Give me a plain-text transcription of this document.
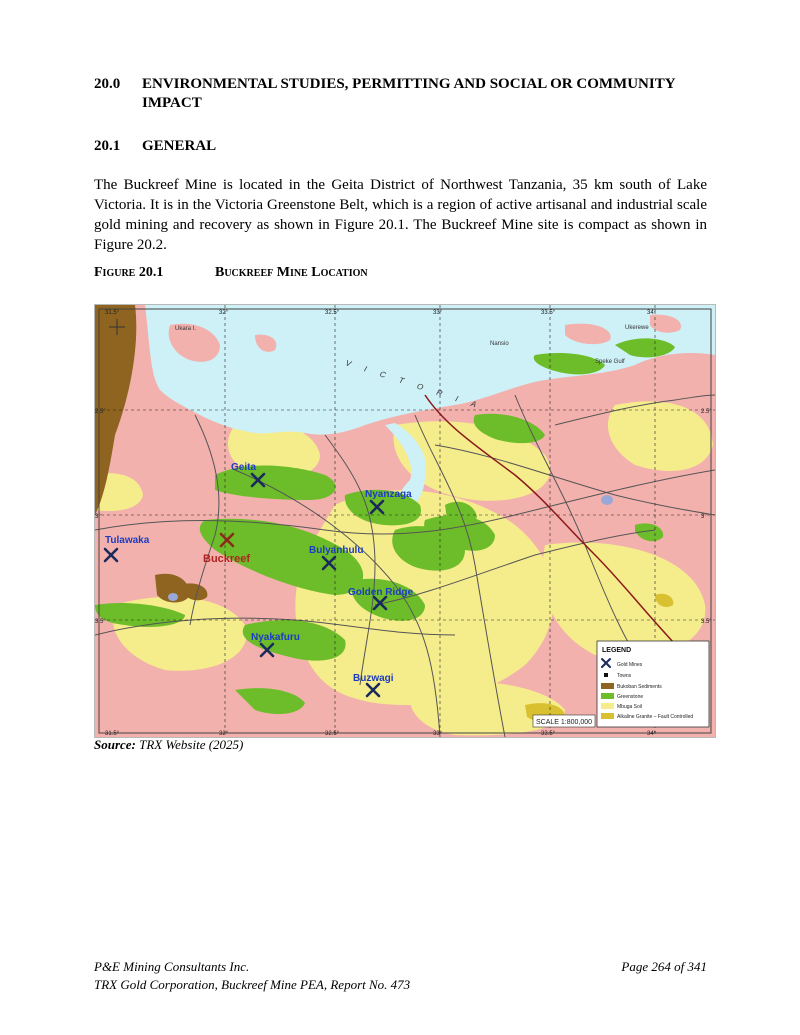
20.0 ENVIRONMENTAL STUDIES, PERMITTING AND SOCIAL OR COMMUNITY IMPACT
20.1 GENERAL

The Buckreef Mine is located in the Geita District of Northwest Tanzania, 35 km south of Lake Victoria. It is in the Victoria Greenstone Belt, which is a region of active artisanal and industrial scale gold mining and recovery as shown in Figure 20.1. The Buckreef Mine site is compact as shown in Figure 20.2.

Figure 20.1	Buckreef Mine Location
31.5°	32°	32.5°	33°	33.5°	34°
31.5°	32°	32.5°	33°	33.5°	34°
2.5°
3°
3.5°
2.5°
3°
3.5°
V I C T O R I A	Speke Gulf
Nansio
Ukerewe
Ukara I.
Geita
Nyanzaga
Tulawaka
Buckreef
Bulyanhulu
Golden Ridge
Nyakafuru
Buzwagi
SCALE 1:800,000
LEGEND
Gold Mines
Towns
Bukoban Sediments
Greenstone
Mbuga Soil
Alkaline Granite – Fault Controlled
Source: TRX Website (2025)
P&E Mining Consultants Inc.
TRX Gold Corporation, Buckreef Mine PEA, Report No. 473
Page 264 of 341
